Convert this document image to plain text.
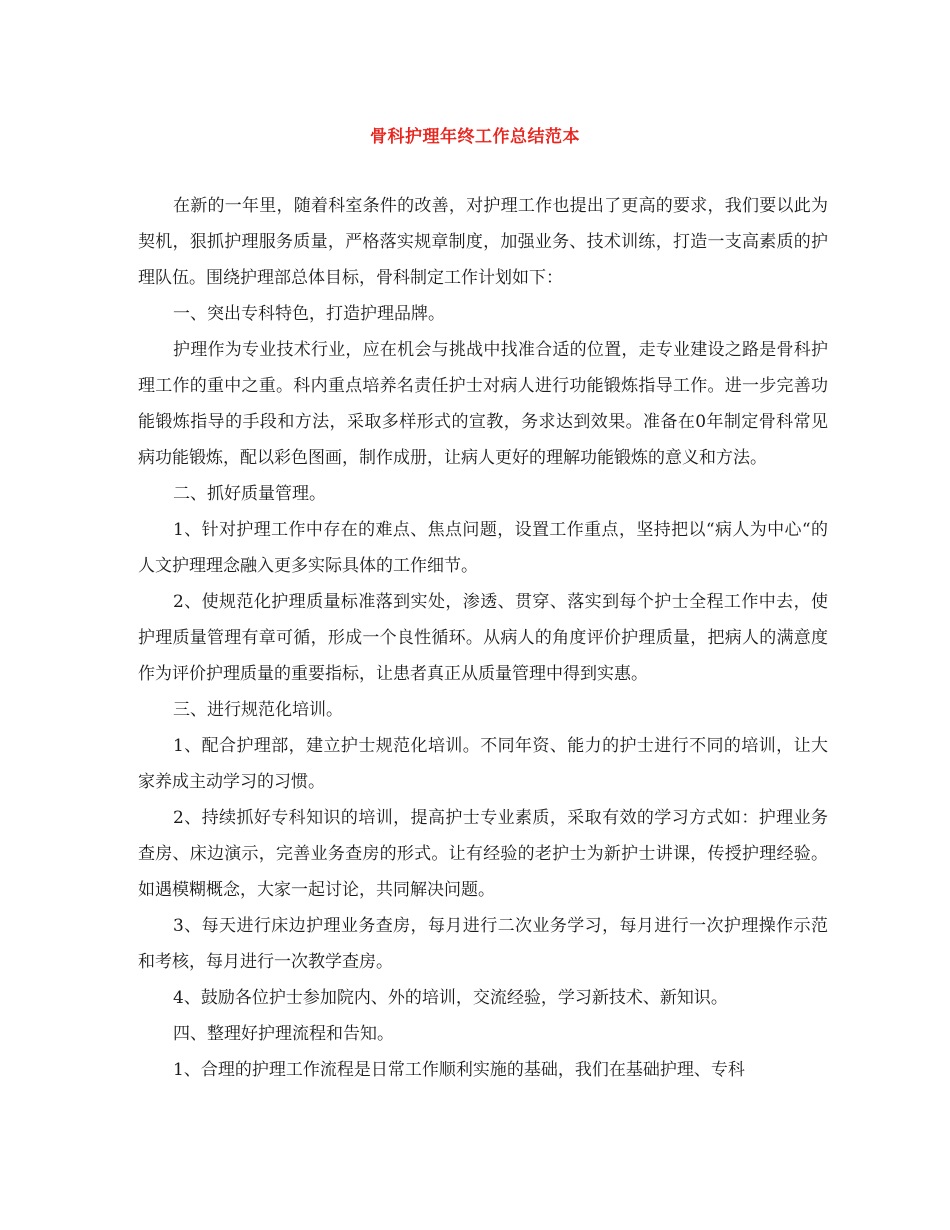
骨科护理年终工作总结范本

在新的一年里，随着科室条件的改善，对护理工作也提出了更高的要求，我们要以此为契机，狠抓护理服务质量，严格落实规章制度，加强业务、技术训练，打造一支高素质的护理队伍。围绕护理部总体目标，骨科制定工作计划如下：

一、突出专科特色，打造护理品牌。

护理作为专业技术行业，应在机会与挑战中找准合适的位置，走专业建设之路是骨科护理工作的重中之重。科内重点培养名责任护士对病人进行功能锻炼指导工作。进一步完善功能锻炼指导的手段和方法，采取多样形式的宣教，务求达到效果。准备在0年制定骨科常见病功能锻炼，配以彩色图画，制作成册，让病人更好的理解功能锻炼的意义和方法。

二、抓好质量管理。

1、针对护理工作中存在的难点、焦点问题，设置工作重点，坚持把以“病人为中心“的人文护理理念融入更多实际具体的工作细节。

2、使规范化护理质量标准落到实处，渗透、贯穿、落实到每个护士全程工作中去，使护理质量管理有章可循，形成一个良性循环。从病人的角度评价护理质量，把病人的满意度作为评价护理质量的重要指标，让患者真正从质量管理中得到实惠。

三、进行规范化培训。

1、配合护理部，建立护士规范化培训。不同年资、能力的护士进行不同的培训，让大家养成主动学习的习惯。

2、持续抓好专科知识的培训，提高护士专业素质，采取有效的学习方式如：护理业务查房、床边演示，完善业务查房的形式。让有经验的老护士为新护士讲课，传授护理经验。如遇模糊概念，大家一起讨论，共同解决问题。

3、每天进行床边护理业务查房，每月进行二次业务学习，每月进行一次护理操作示范和考核，每月进行一次教学查房。

4、鼓励各位护士参加院内、外的培训，交流经验，学习新技术、新知识。

四、整理好护理流程和告知。

1、合理的护理工作流程是日常工作顺利实施的基础，我们在基础护理、专科
